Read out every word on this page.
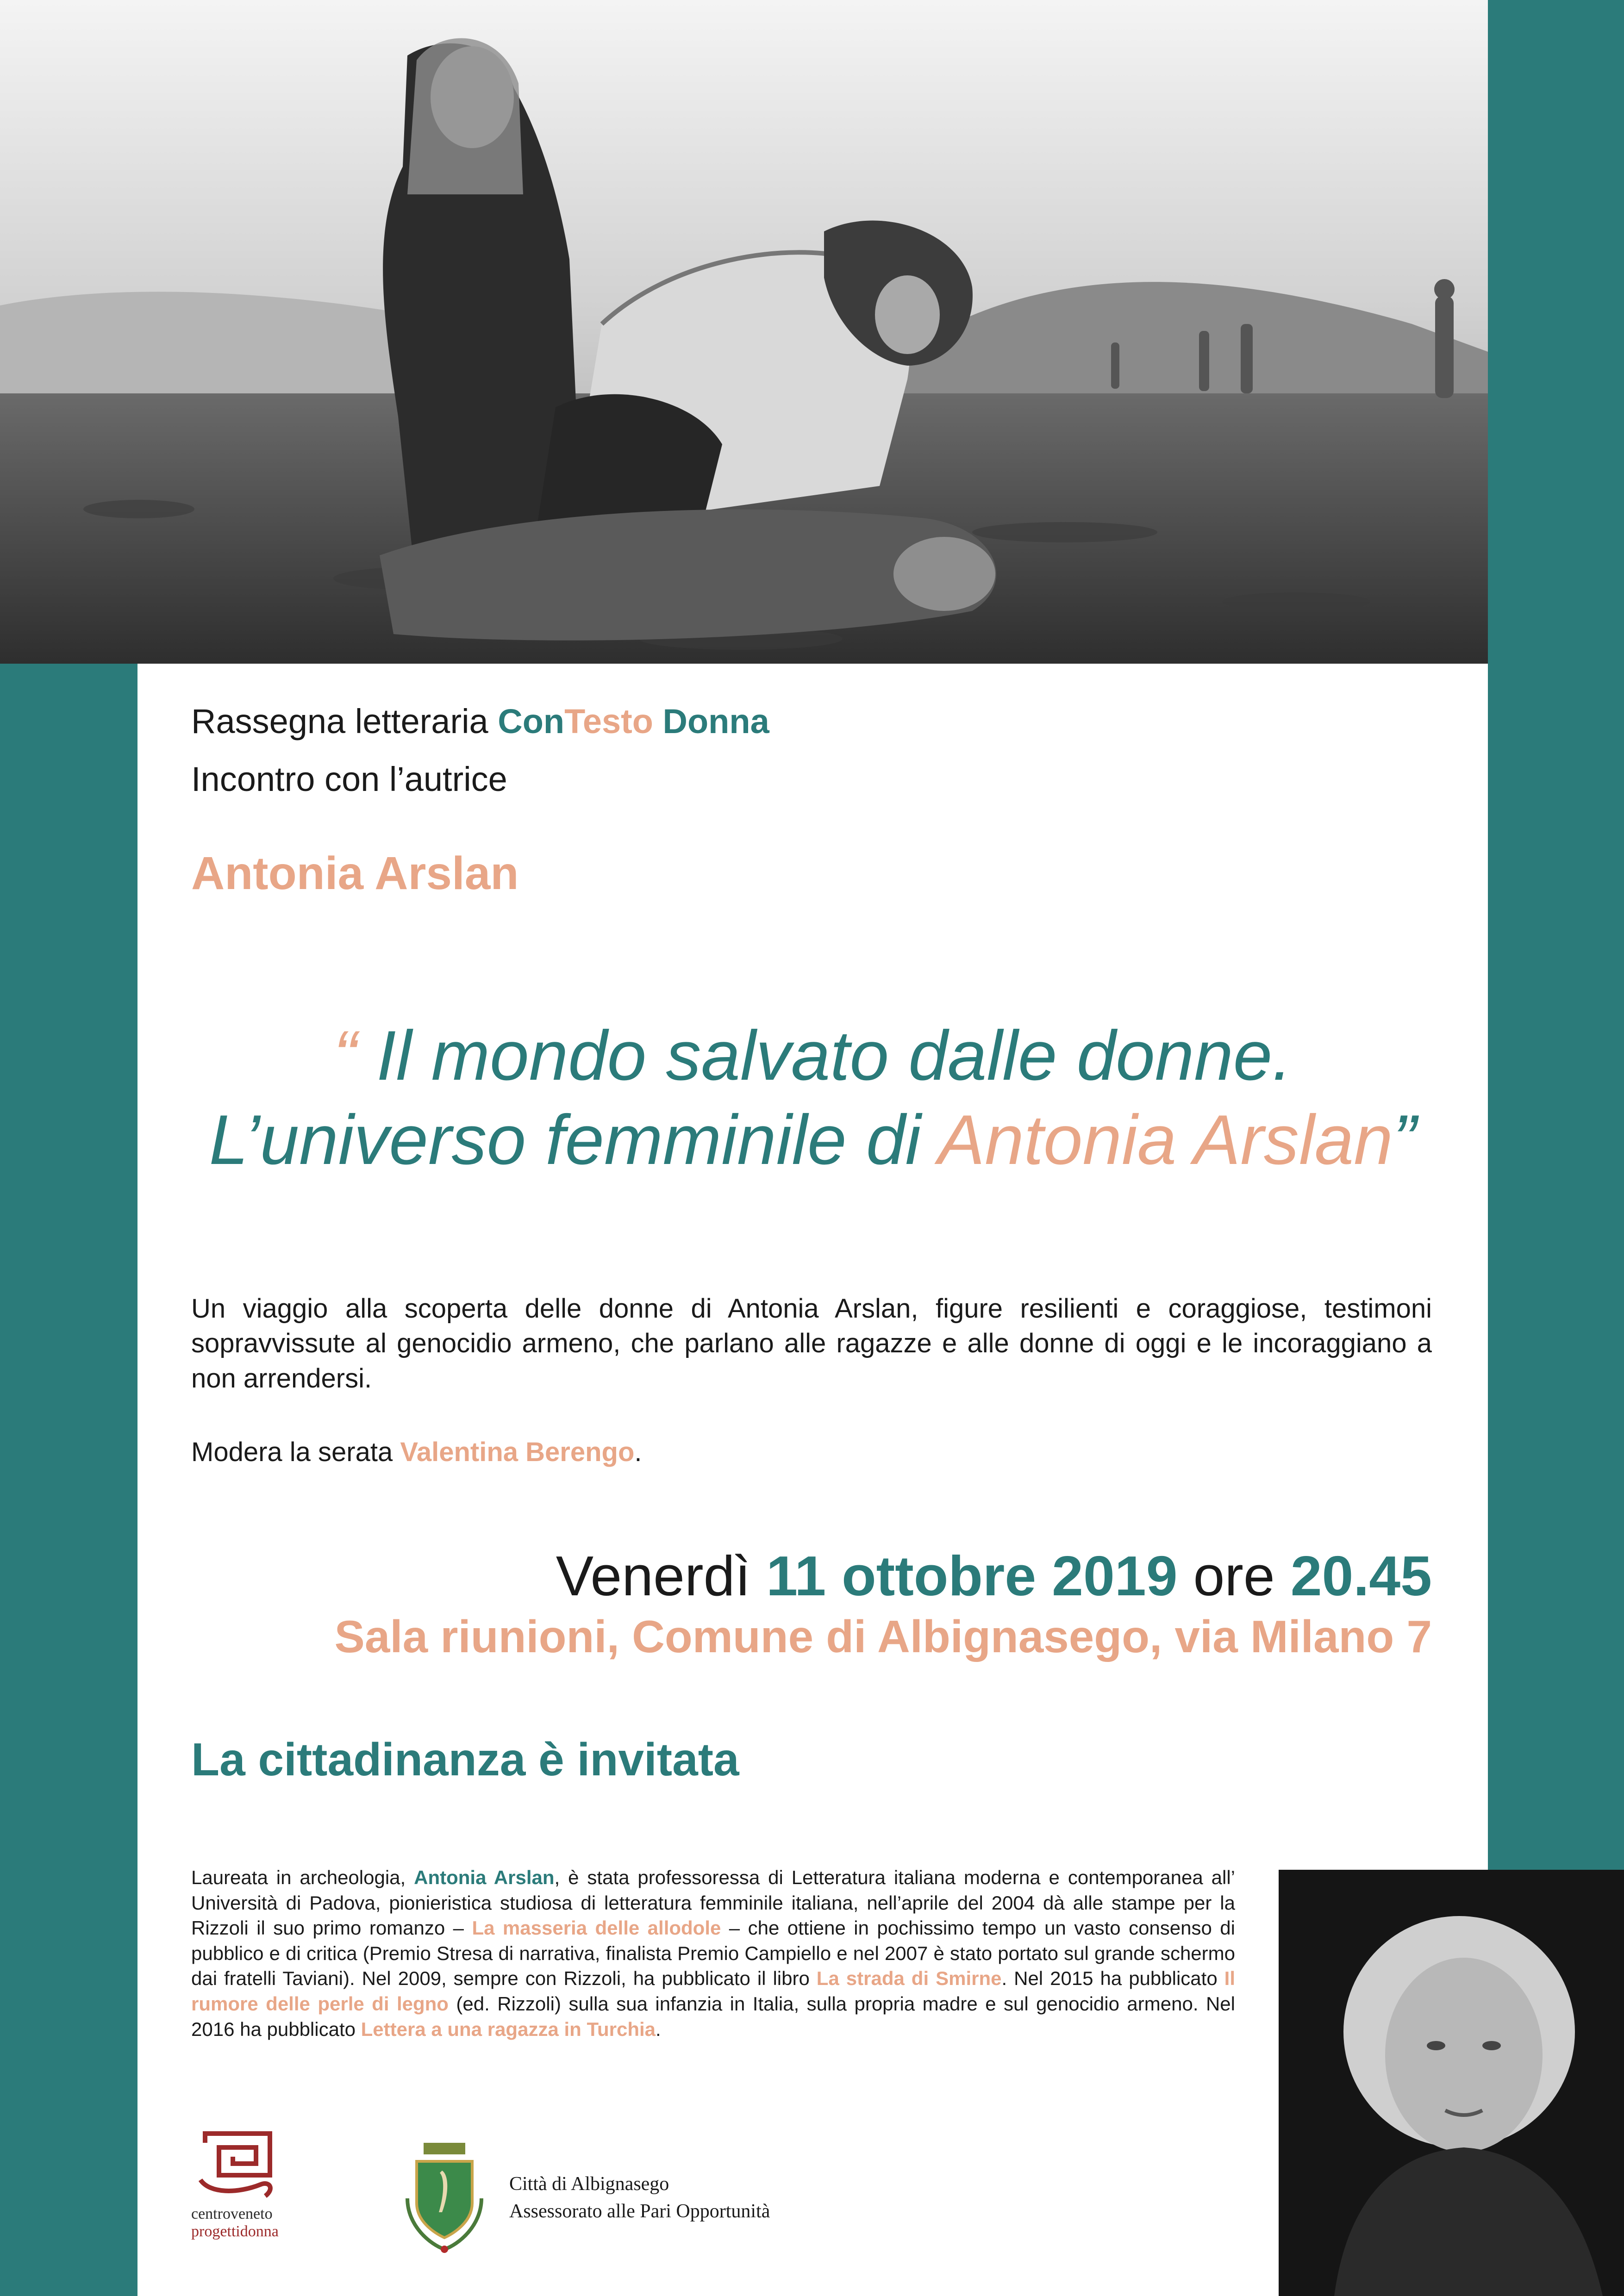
Rassegna letteraria ConTesto Donna
Incontro con l’autrice
Antonia Arslan
“ Il mondo salvato dalle donne.
L’universo femminile di Antonia Arslan”
Un viaggio alla scoperta delle donne di Antonia Arslan, figure resilienti e coraggiose, testimoni sopravvissute al genocidio armeno, che parlano alle ragazze e alle donne di oggi e le incoraggiano a non arrendersi.
Modera la serata Valentina Berengo.
Venerdì 11 ottobre 2019 ore 20.45
Sala riunioni, Comune di Albignasego, via Milano 7
La cittadinanza è invitata
Laureata in archeologia, Antonia Arslan, è stata professoressa di Letteratura italiana moderna e contemporanea all’ Università di Padova, pionieristica studiosa di letteratura femminile italiana, nell’aprile del 2004 dà alle stampe per la Rizzoli il suo primo romanzo – La masseria delle allodole – che ottiene in pochissimo tempo un vasto consenso di pubblico e di critica (Premio Stresa di narrativa, finalista Premio Campiello e nel 2007 è stato portato sul grande schermo dai fratelli Taviani). Nel 2009, sempre con Rizzoli, ha pubblicato il libro La strada di Smirne. Nel 2015 ha pubblicato Il rumore delle perle di legno (ed. Rizzoli) sulla sua infanzia in Italia, sulla propria madre e sul genocidio armeno. Nel 2016 ha pubblicato Lettera a una ragazza in Turchia.
centroveneto
progettidonna
Città di Albignasego
Assessorato alle Pari Opportunità
